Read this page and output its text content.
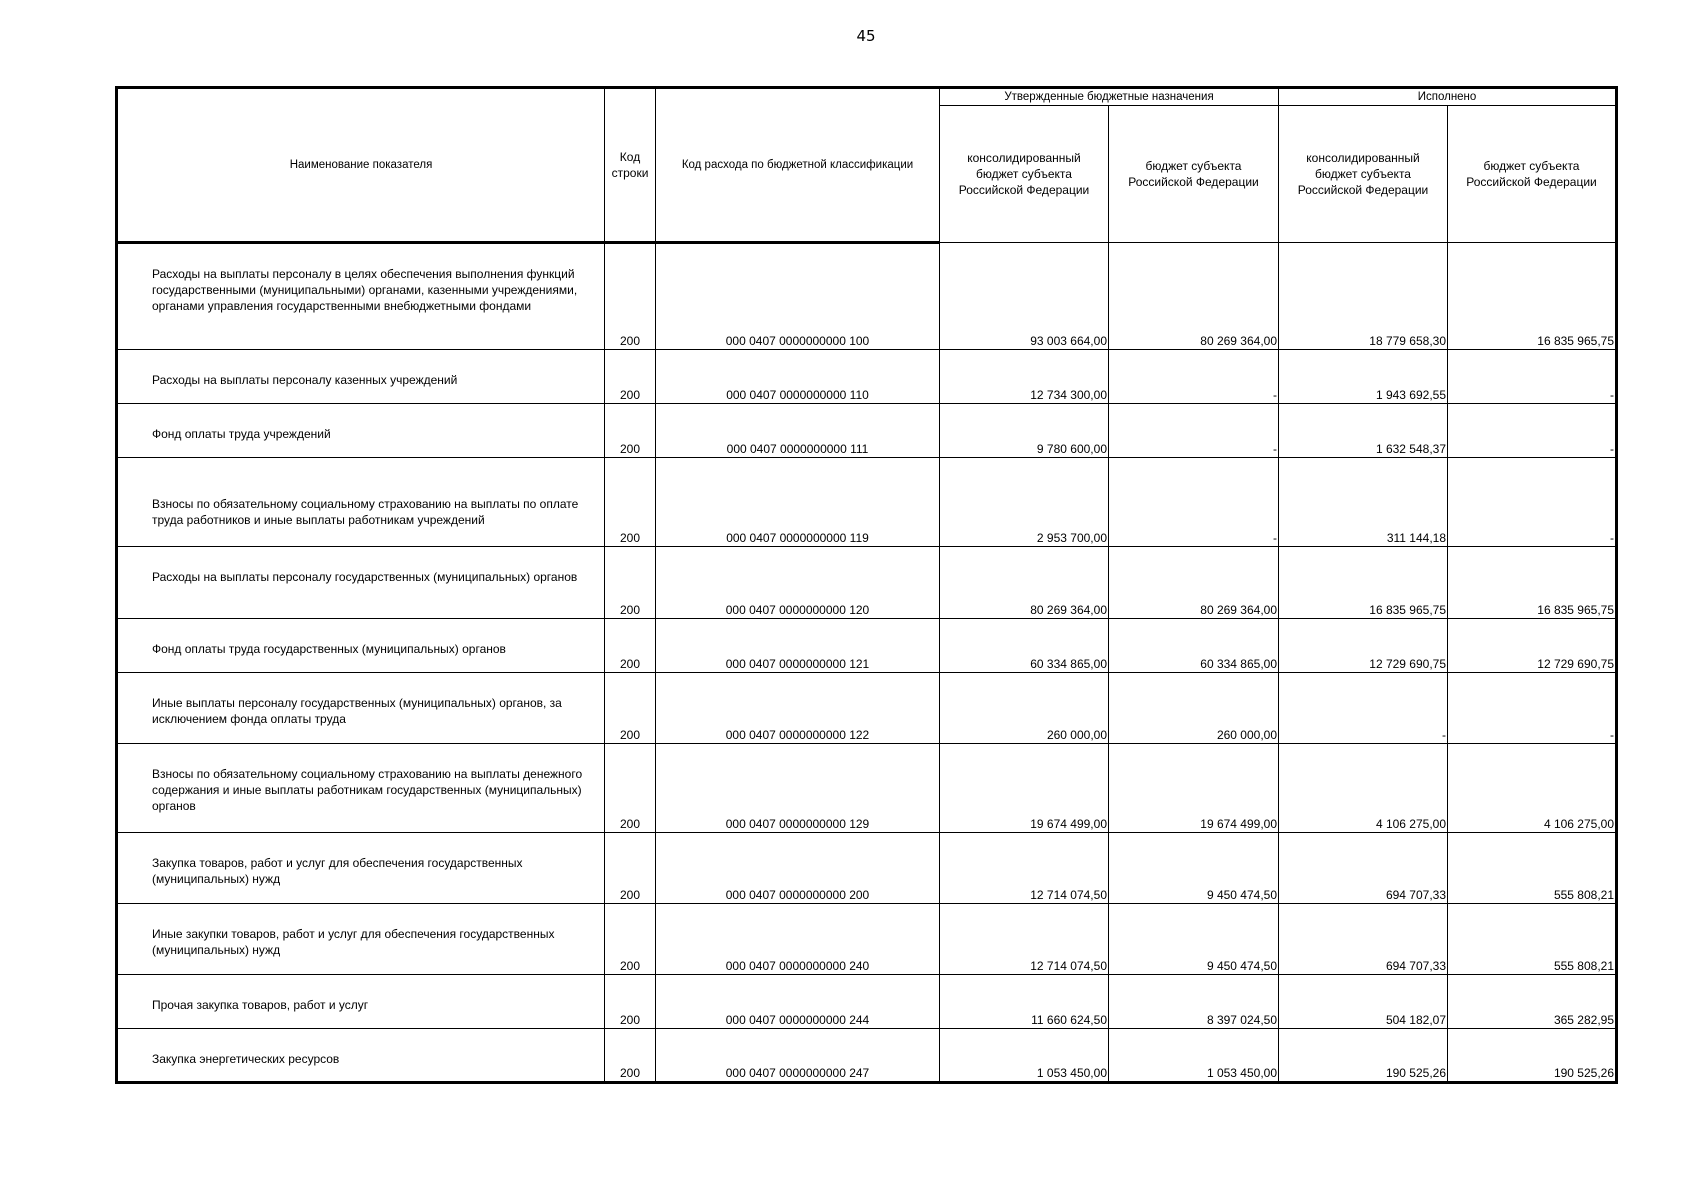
45
Наименование показателя	Код строки	Код расхода по бюджетной классификации	Утвержденные бюджетные назначения		Исполнено	
			консолидированный бюджет субъекта Российской Федерации	бюджет субъекта Российской Федерации	консолидированный бюджет субъекта Российской Федерации	бюджет субъекта Российской Федерации
Расходы на выплаты персоналу в целях обеспечения выполнения функций государственными (муниципальными) органами, казенными учреждениями, органами управления государственными внебюджетными фондами	200	000 0407 0000000000 100	93 003 664,00	80 269 364,00	18 779 658,30	16 835 965,75
Расходы на выплаты персоналу казенных учреждений	200	000 0407 0000000000 110	12 734 300,00	-	1 943 692,55	-
Фонд оплаты труда учреждений	200	000 0407 0000000000 111	9 780 600,00	-	1 632 548,37	-
Взносы по обязательному социальному страхованию на выплаты по оплате труда работников и иные выплаты работникам учреждений	200	000 0407 0000000000 119	2 953 700,00	-	311 144,18	-
Расходы на выплаты персоналу государственных (муниципальных) органов	200	000 0407 0000000000 120	80 269 364,00	80 269 364,00	16 835 965,75	16 835 965,75
Фонд оплаты труда государственных (муниципальных) органов	200	000 0407 0000000000 121	60 334 865,00	60 334 865,00	12 729 690,75	12 729 690,75
Иные выплаты персоналу государственных (муниципальных) органов, за исключением фонда оплаты труда	200	000 0407 0000000000 122	260 000,00	260 000,00	-	-
Взносы по обязательному социальному страхованию на выплаты денежного содержания и иные выплаты работникам государственных (муниципальных) органов	200	000 0407 0000000000 129	19 674 499,00	19 674 499,00	4 106 275,00	4 106 275,00
Закупка товаров, работ и услуг для обеспечения государственных (муниципальных) нужд	200	000 0407 0000000000 200	12 714 074,50	9 450 474,50	694 707,33	555 808,21
Иные закупки товаров, работ и услуг для обеспечения государственных (муниципальных) нужд	200	000 0407 0000000000 240	12 714 074,50	9 450 474,50	694 707,33	555 808,21
Прочая закупка товаров, работ и услуг	200	000 0407 0000000000 244	11 660 624,50	8 397 024,50	504 182,07	365 282,95
Закупка энергетических ресурсов	200	000 0407 0000000000 247	1 053 450,00	1 053 450,00	190 525,26	190 525,26
